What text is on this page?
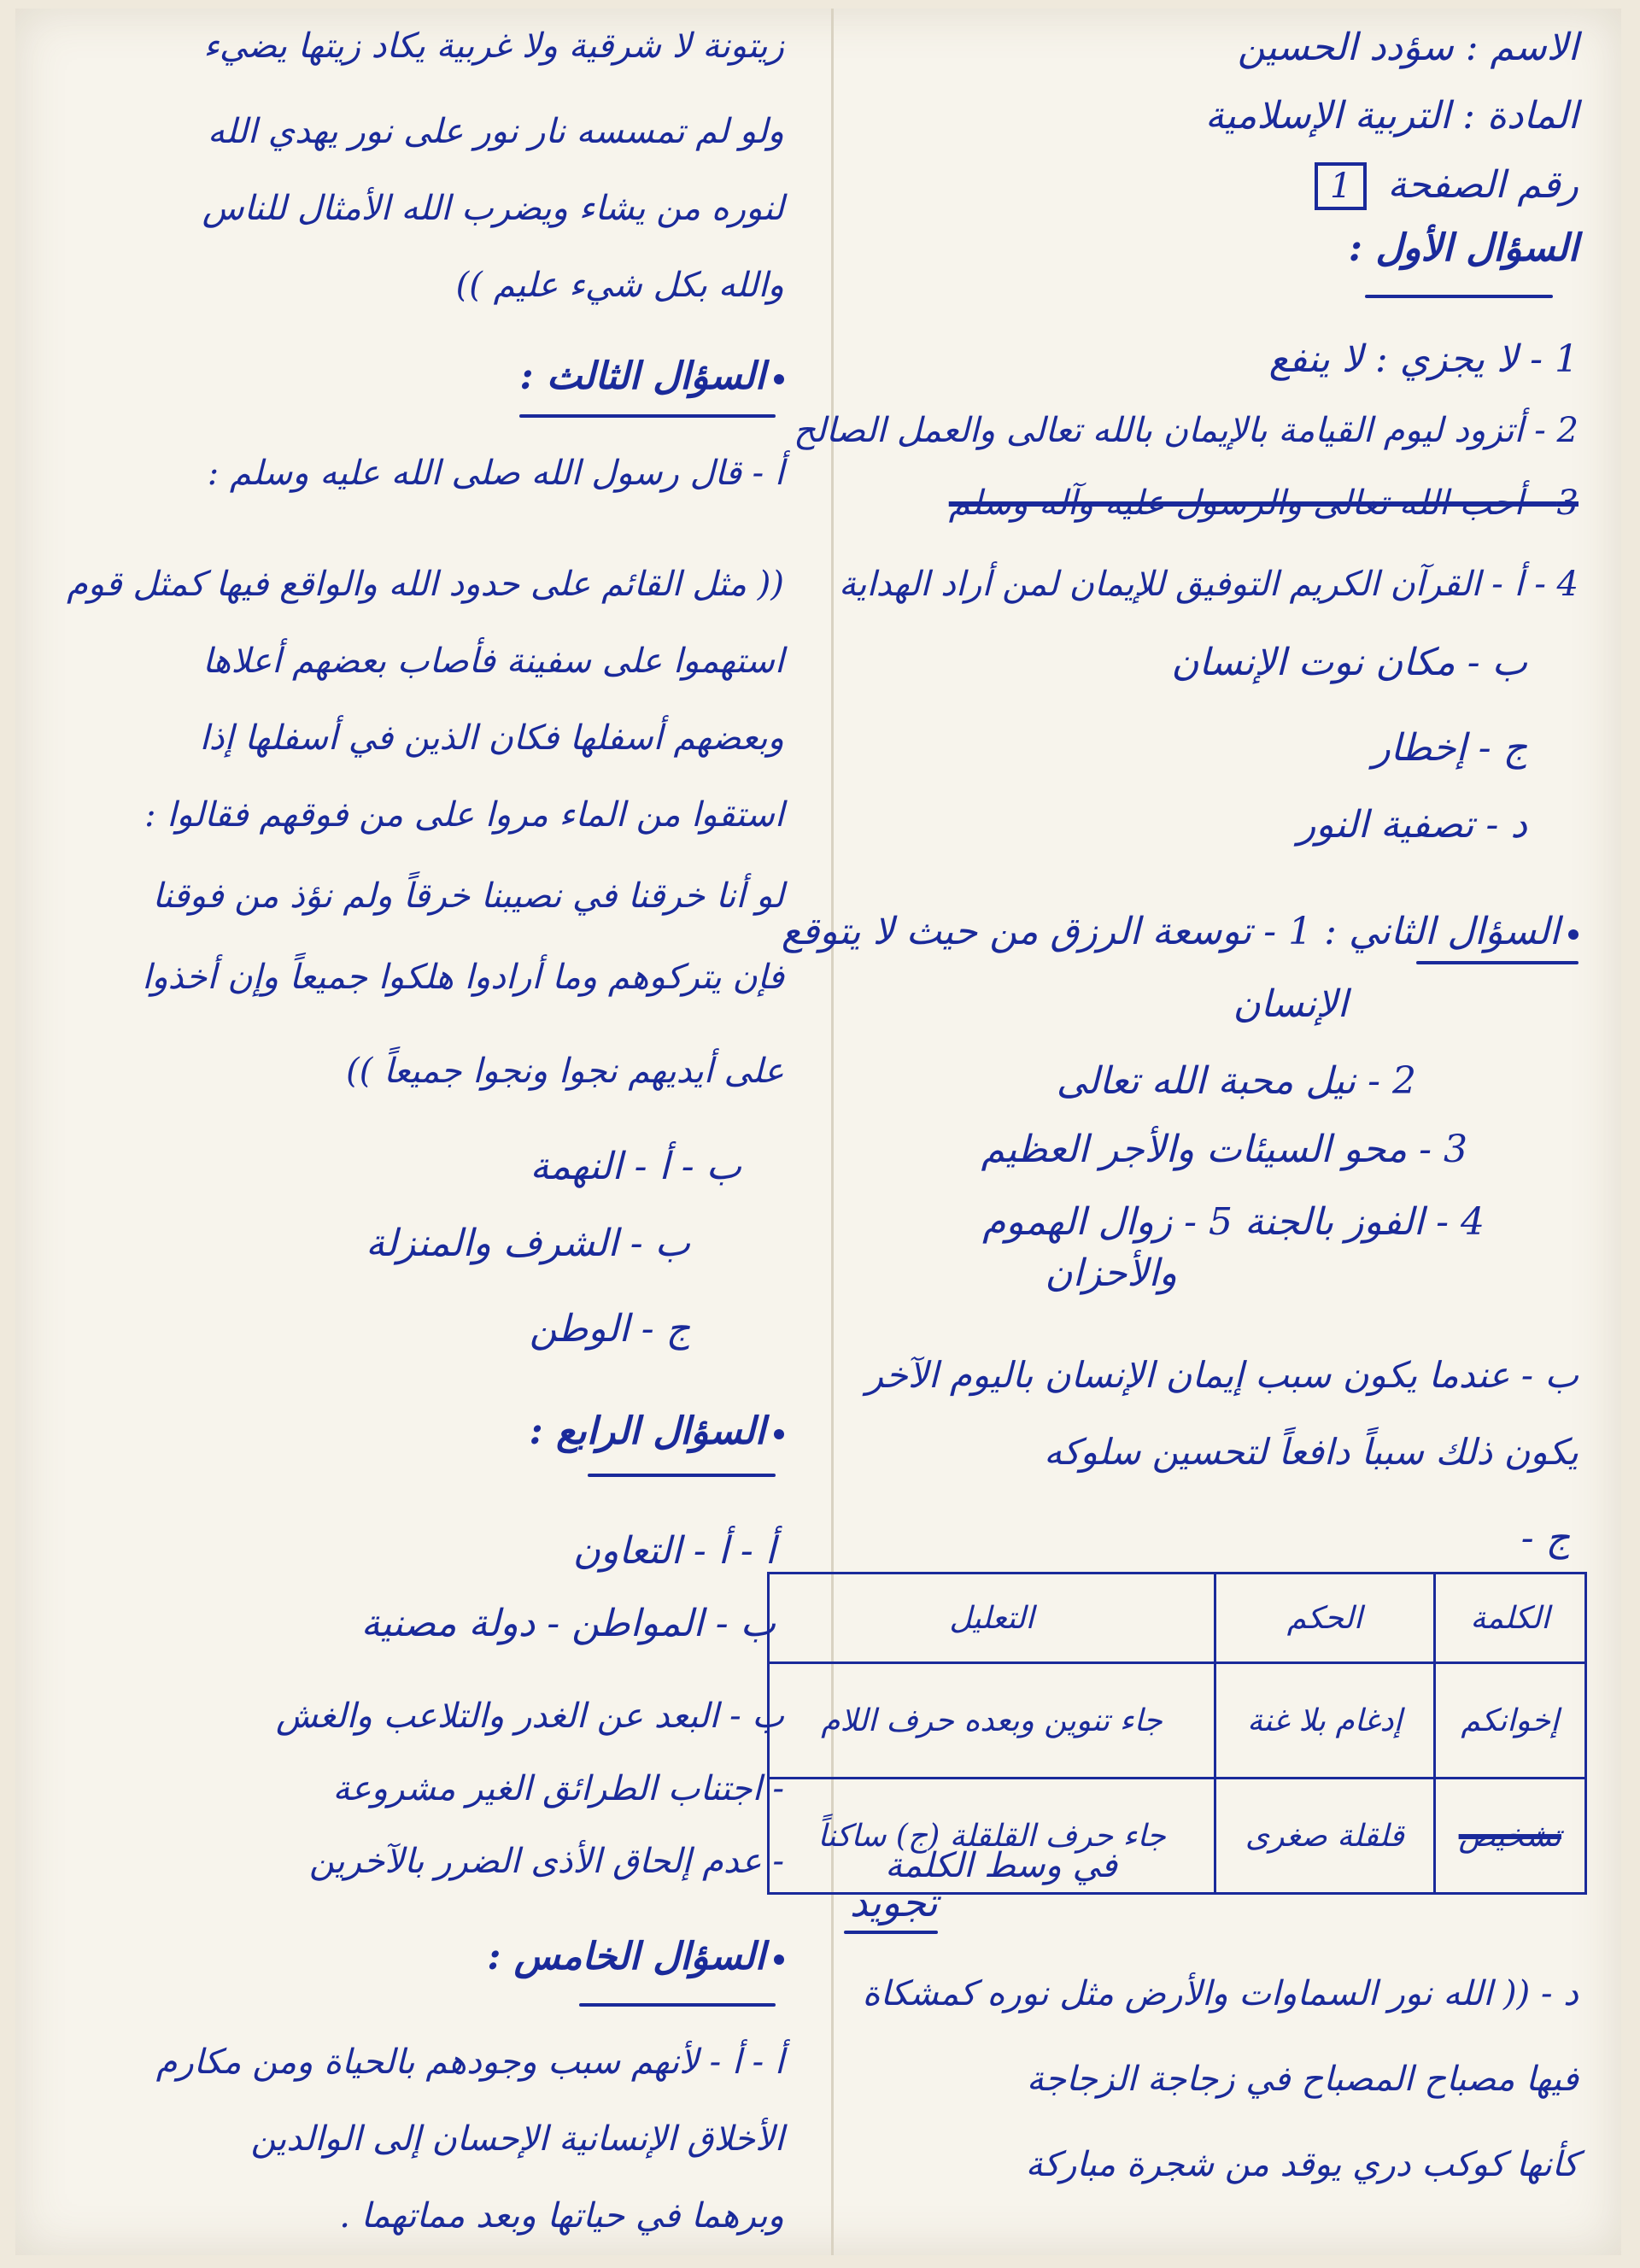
الاسم : سؤدد الحسين
المادة : التربية الإسلامية
رقم الصفحة 1
السؤال الأول :
1 - لا يجزي : لا ينفع
2 - أتزود ليوم القيامة بالإيمان بالله تعالى والعمل الصالح
3 - أحب الله تعالى والرسول عليه وآله وسلم
4 - أ - القرآن الكريم التوفيق للإيمان لمن أراد الهداية
ب - مكان نوت الإنسان
ج - إخطار
د - تصفية النور
السؤال الثاني : 1 - توسعة الرزق من حيث لا يتوقع
الإنسان
2 - نيل محبة الله تعالى
3 - محو السيئات والأجر العظيم
4 - الفوز بالجنة 5 - زوال الهموم
والأحزان
ب - عندما يكون سبب إيمان الإنسان باليوم الآخر
يكون ذلك سبباً دافعاً لتحسين سلوكه
ج -
الكلمة	الحكم	التعليل
إخوانكم	إدغام بلا غنة	جاء تنوين وبعده حرف اللام
تشخيص	قلقلة صغرى	جاء حرف القلقلة (ج) ساكناً
في وسط الكلمة
تجويد
د - (( الله نور السماوات والأرض مثل نوره كمشكاة
فيها مصباح المصباح في زجاجة الزجاجة
كأنها كوكب دري يوقد من شجرة مباركة
زيتونة لا شرقية ولا غربية يكاد زيتها يضيء
ولو لم تمسسه نار نور على نور يهدي الله
لنوره من يشاء ويضرب الله الأمثال للناس
والله بكل شيء عليم ))
السؤال الثالث :
أ - قال رسول الله صلى الله عليه وسلم :
(( مثل القائم على حدود الله والواقع فيها كمثل قوم
استهموا على سفينة فأصاب بعضهم أعلاها
وبعضهم أسفلها فكان الذين في أسفلها إذا
استقوا من الماء مروا على من فوقهم فقالوا :
لو أنا خرقنا في نصيبنا خرقاً ولم نؤذ من فوقنا
فإن يتركوهم وما أرادوا هلكوا جميعاً وإن أخذوا
على أيديهم نجوا ونجوا جميعاً ))
ب - أ - النهمة
ب - الشرف والمنزلة
ج - الوطن
السؤال الرابع :
أ - أ - التعاون
ب - المواطن - دولة مصنية
ب - البعد عن الغدر والتلاعب والغش
- اجتناب الطرائق الغير مشروعة
- عدم إلحاق الأذى الضرر بالآخرين
السؤال الخامس :
أ - أ - لأنهم سبب وجودهم بالحياة ومن مكارم
الأخلاق الإنسانية الإحسان إلى الوالدين
وبرهما في حياتها وبعد مماتهما .
